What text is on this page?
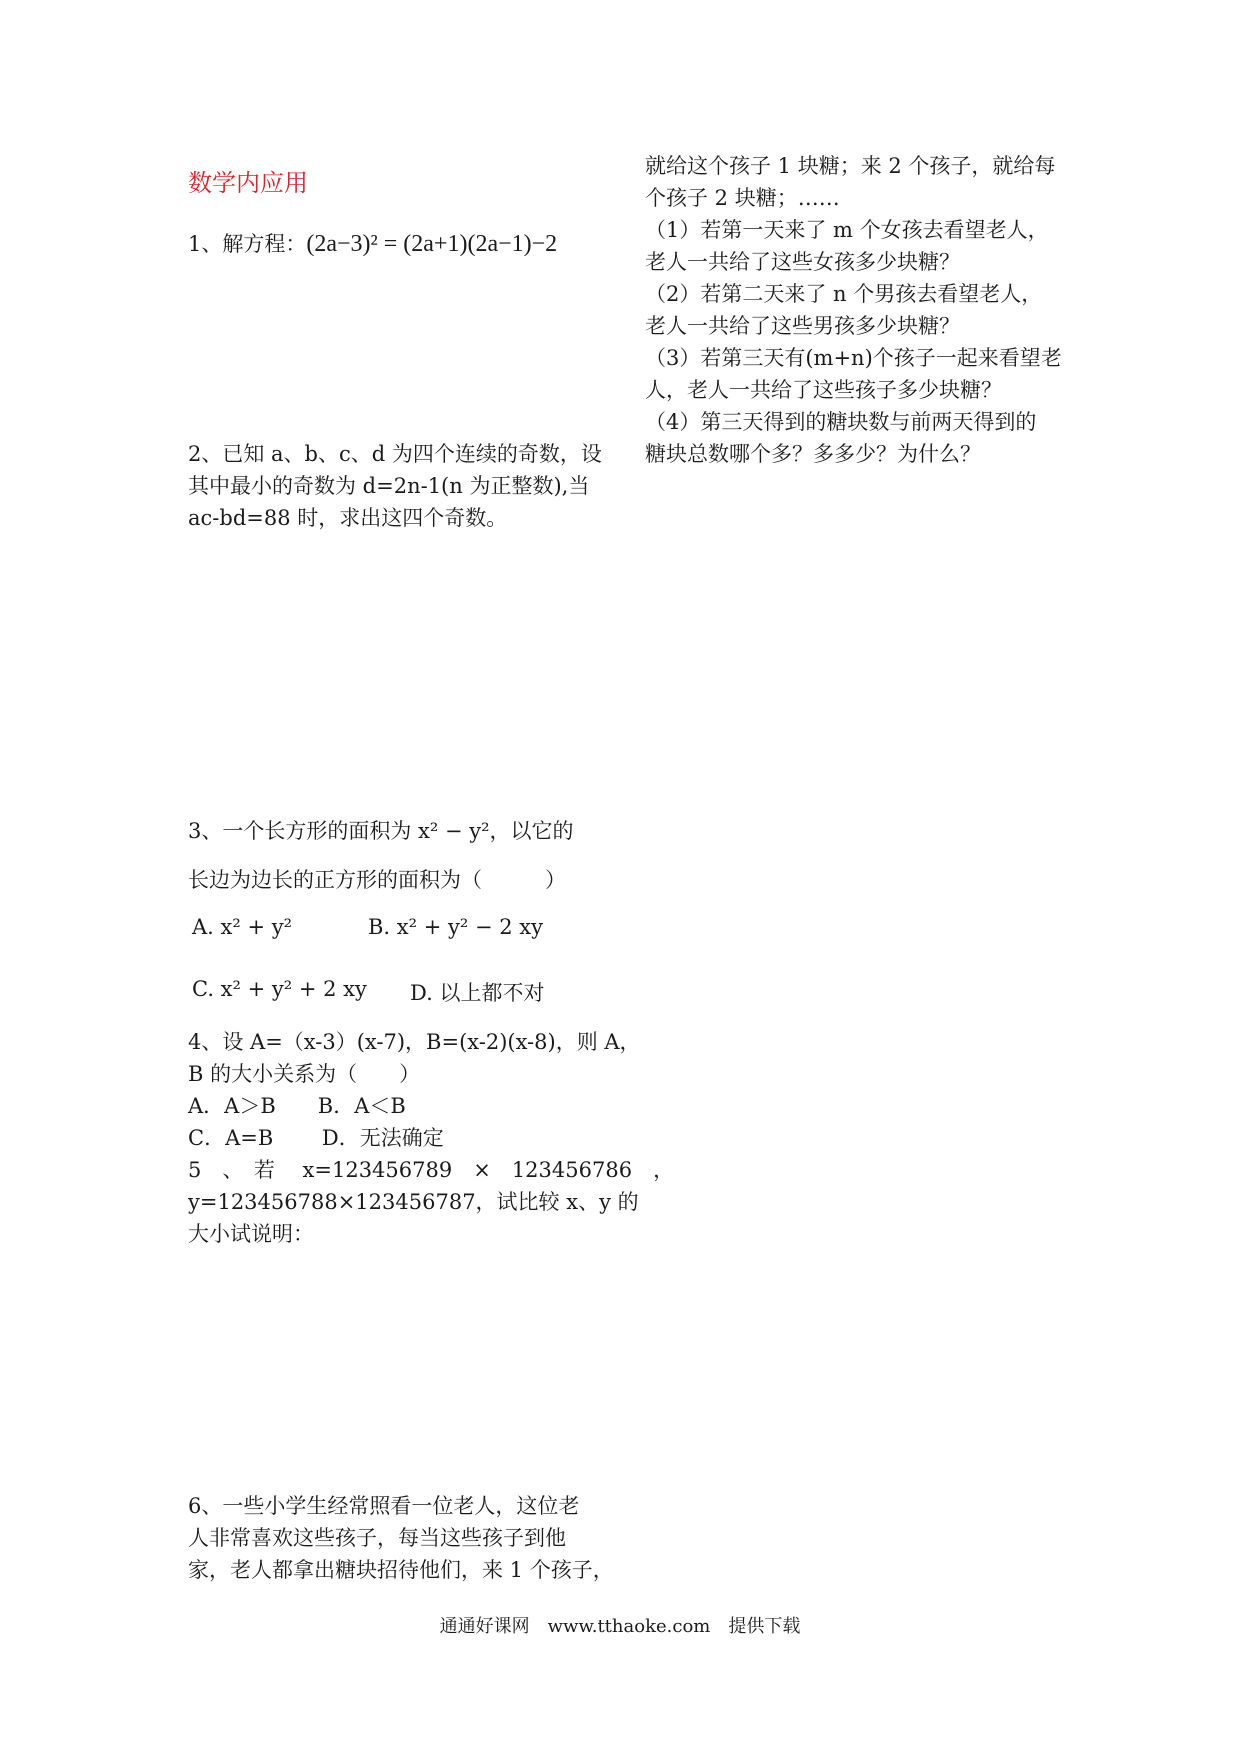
数学内应用
1、解方程：(2a−3)² = (2a+1)(2a−1)−2
2、已知 a、b、c、d 为四个连续的奇数，设
其中最小的奇数为 d=2n-1(n 为正整数),当
ac-bd=88 时，求出这四个奇数。
3、一个长方形的面积为 x² − y²，以它的
长边为边长的正方形的面积为（　　　）
A. x² + y²	B. x² + y² − 2 xy
C. x² + y² + 2 xy D. 以上都不对
4、设 A=（x-3）(x-7)，B=(x-2)(x-8)，则 A，
B 的大小关系为（　　）
A．A＞B　　B．A＜B
C．A=B　　 D．无法确定
5　、　若　 x=123456789　×　123456786　，
y=123456788×123456787，试比较 x、y 的
大小试说明：
6、一些小学生经常照看一位老人，这位老
人非常喜欢这些孩子，每当这些孩子到他
家，老人都拿出糖块招待他们，来 1 个孩子，
就给这个孩子 1 块糖；来 2 个孩子，就给每
个孩子 2 块糖；……
（1）若第一天来了 m 个女孩去看望老人，
老人一共给了这些女孩多少块糖？
（2）若第二天来了 n 个男孩去看望老人，
老人一共给了这些男孩多少块糖？
（3）若第三天有(m+n)个孩子一起来看望老
人，老人一共给了这些孩子多少块糖？
（4）第三天得到的糖块数与前两天得到的
糖块总数哪个多？多多少？为什么？
通通好课网　www.tthaoke.com　提供下载
